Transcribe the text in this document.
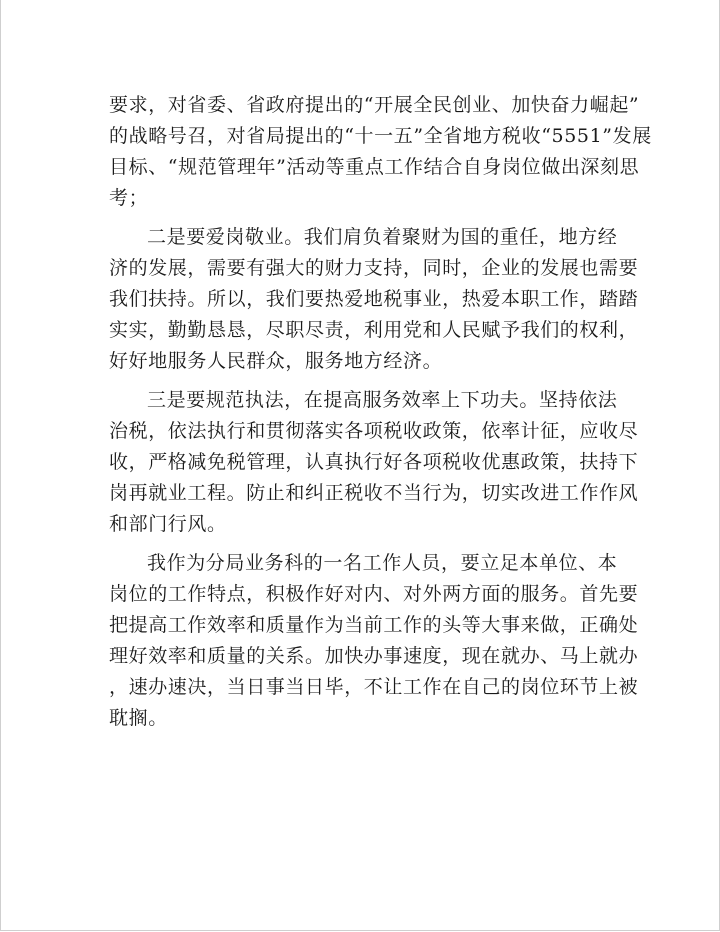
要求，对省委、省政府提出的“开展全民创业、加快奋力崛起”
的战略号召，对省局提出的“十一五”全省地方税收“5551”发展
目标、“规范管理年”活动等重点工作结合自身岗位做出深刻思
考；
二是要爱岗敬业。我们肩负着聚财为国的重任，地方经
济的发展，需要有强大的财力支持，同时，企业的发展也需要
我们扶持。所以，我们要热爱地税事业，热爱本职工作，踏踏
实实，勤勤恳恳，尽职尽责，利用党和人民赋予我们的权利，
好好地服务人民群众，服务地方经济。
三是要规范执法，在提高服务效率上下功夫。坚持依法
治税，依法执行和贯彻落实各项税收政策，依率计征，应收尽
收，严格减免税管理，认真执行好各项税收优惠政策，扶持下
岗再就业工程。防止和纠正税收不当行为，切实改进工作作风
和部门行风。
我作为分局业务科的一名工作人员，要立足本单位、本
岗位的工作特点，积极作好对内、对外两方面的服务。首先要
把提高工作效率和质量作为当前工作的头等大事来做，正确处
理好效率和质量的关系。加快办事速度，现在就办、马上就办
，速办速决，当日事当日毕，不让工作在自己的岗位环节上被
耽搁。
